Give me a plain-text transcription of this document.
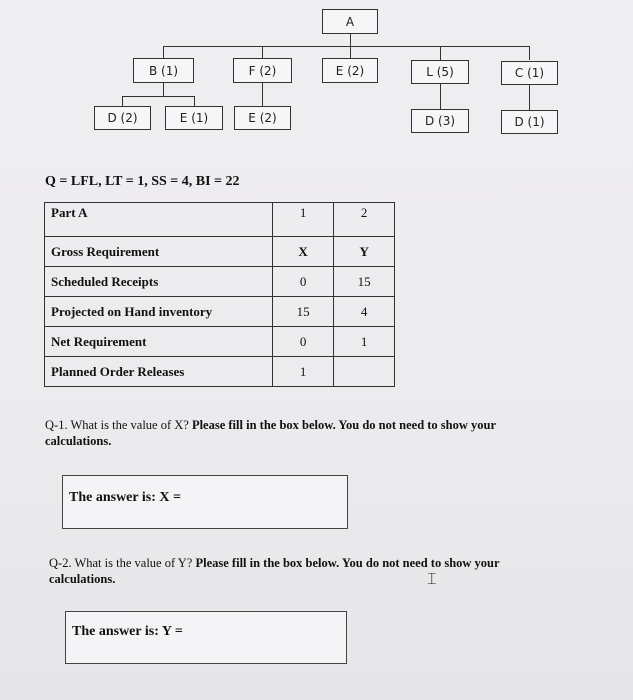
A
B (1)	F (2)	E (2)	L (5)	C (1)
D (2)	E (1)	E (2)	D (3)	D (1)
Q = LFL, LT = 1, SS = 4, BI = 22
Part A	1	2
Gross Requirement	X	Y
Scheduled Receipts	0	15
Projected on Hand inventory	15	4
Net Requirement	0	1
Planned Order Releases	1	
Q-1. What is the value of X? Please fill in the box below. You do not need to show your
calculations.
The answer is: X =
Q-2. What is the value of Y? Please fill in the box below. You do not need to show your
calculations.	⌶
The answer is: Y =
